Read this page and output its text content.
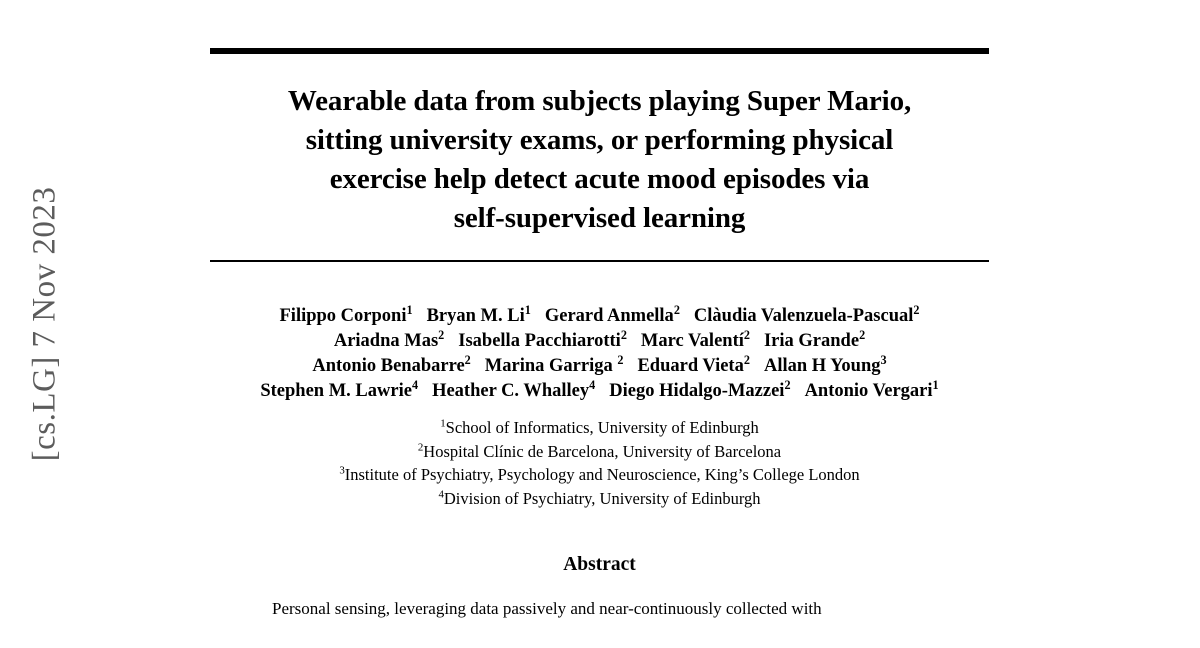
[cs.LG] 7 Nov 2023
Wearable data from subjects playing Super Mario,
sitting university exams, or performing physical
exercise help detect acute mood episodes via
self-supervised learning
Filippo Corponi$^1$ Bryan M. Li$^1$ Gerard Anmella$^2$ Clàudia Valenzuela-Pascual$^2$
Ariadna Mas$^2$ Isabella Pacchiarotti$^2$ Marc Valentí$^2$ Iria Grande$^2$
Antonio Benabarre$^2$ Marina Garriga $^2$ Eduard Vieta$^2$ Allan H Young$^3$
Stephen M. Lawrie$^4$ Heather C. Whalley$^4$ Diego Hidalgo-Mazzei$^2$ Antonio Vergari$^1$
$^1$School of Informatics, University of Edinburgh
$^2$Hospital Clínic de Barcelona, University of Barcelona
$^3$Institute of Psychiatry, Psychology and Neuroscience, King’s College London
$^4$Division of Psychiatry, University of Edinburgh
Abstract
Personal sensing, leveraging data passively and near-continuously collected with
